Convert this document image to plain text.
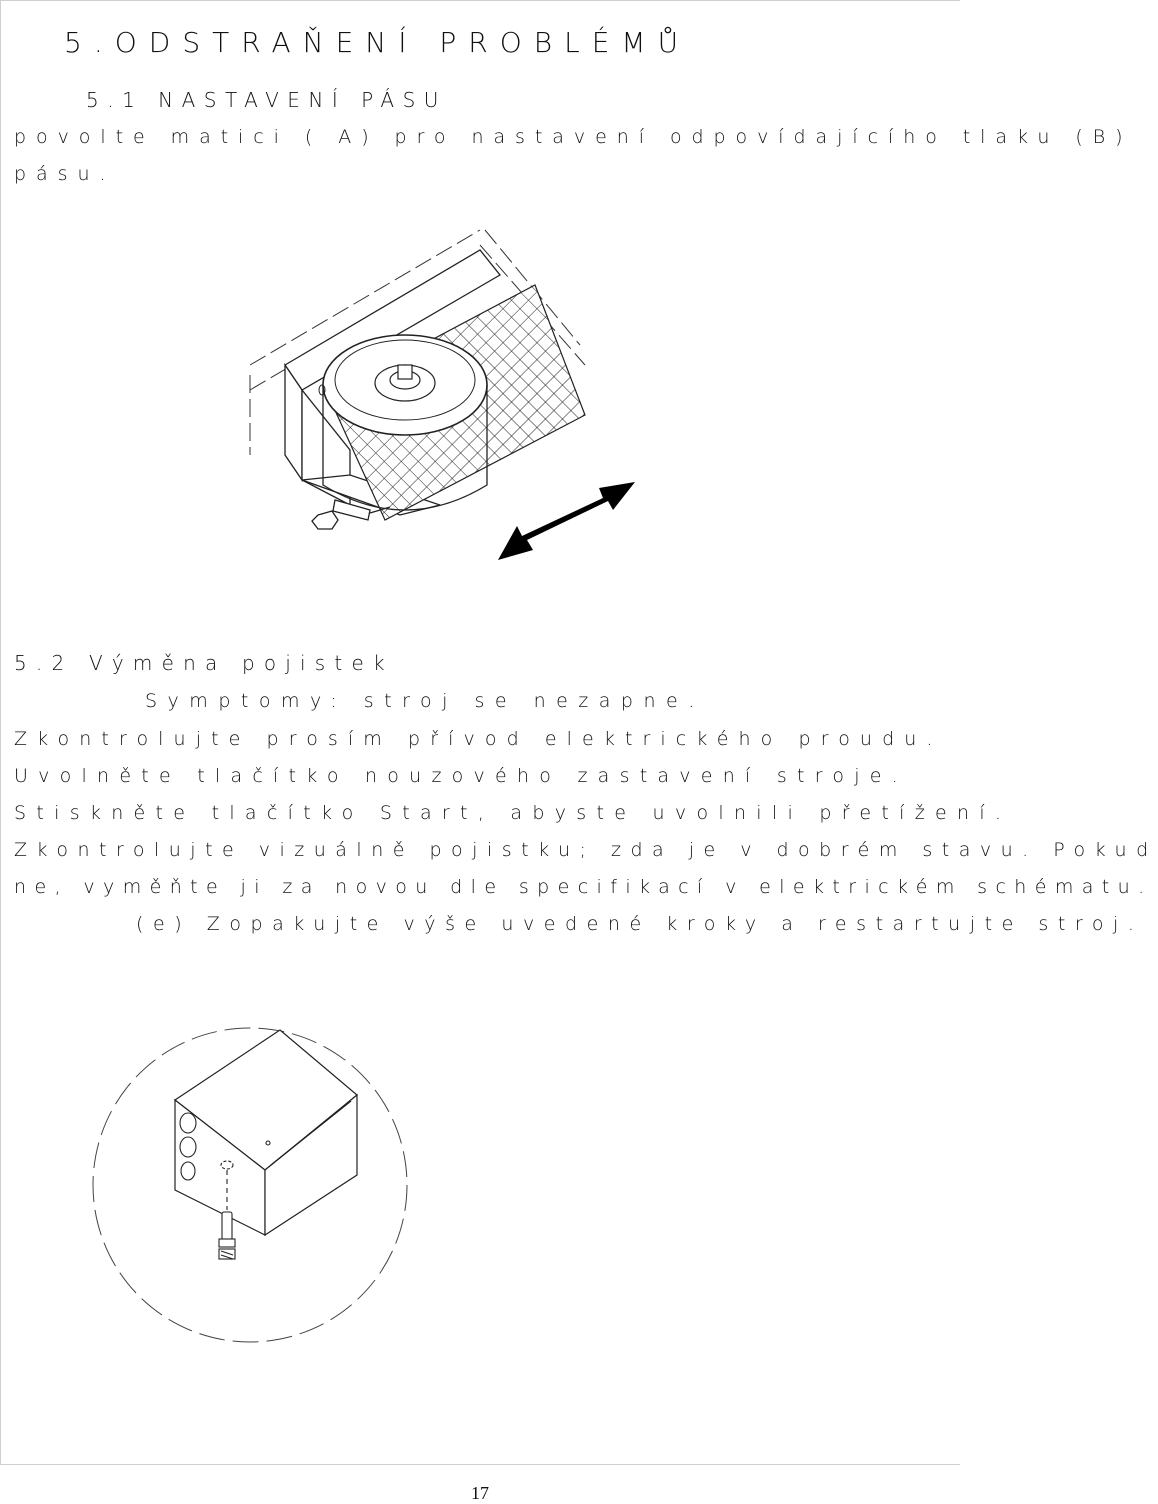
5.ODSTRAŇENÍ PROBLÉMŮ
5.1 NASTAVENÍ PÁSU
povolte matici ( A) pro nastavení odpovídajícího tlaku (B)
pásu.
5.2 Výměna pojistek
Symptomy: stroj se nezapne.
Zkontrolujte prosím přívod elektrického proudu.
Uvolněte tlačítko nouzového zastavení stroje.
Stiskněte tlačítko Start, abyste uvolnili přetížení.
Zkontrolujte vizuálně pojistku; zda je v dobrém stavu. Pokud
ne, vyměňte ji za novou dle specifikací v elektrickém schématu.
(e) Zopakujte výše uvedené kroky a restartujte stroj.
17
